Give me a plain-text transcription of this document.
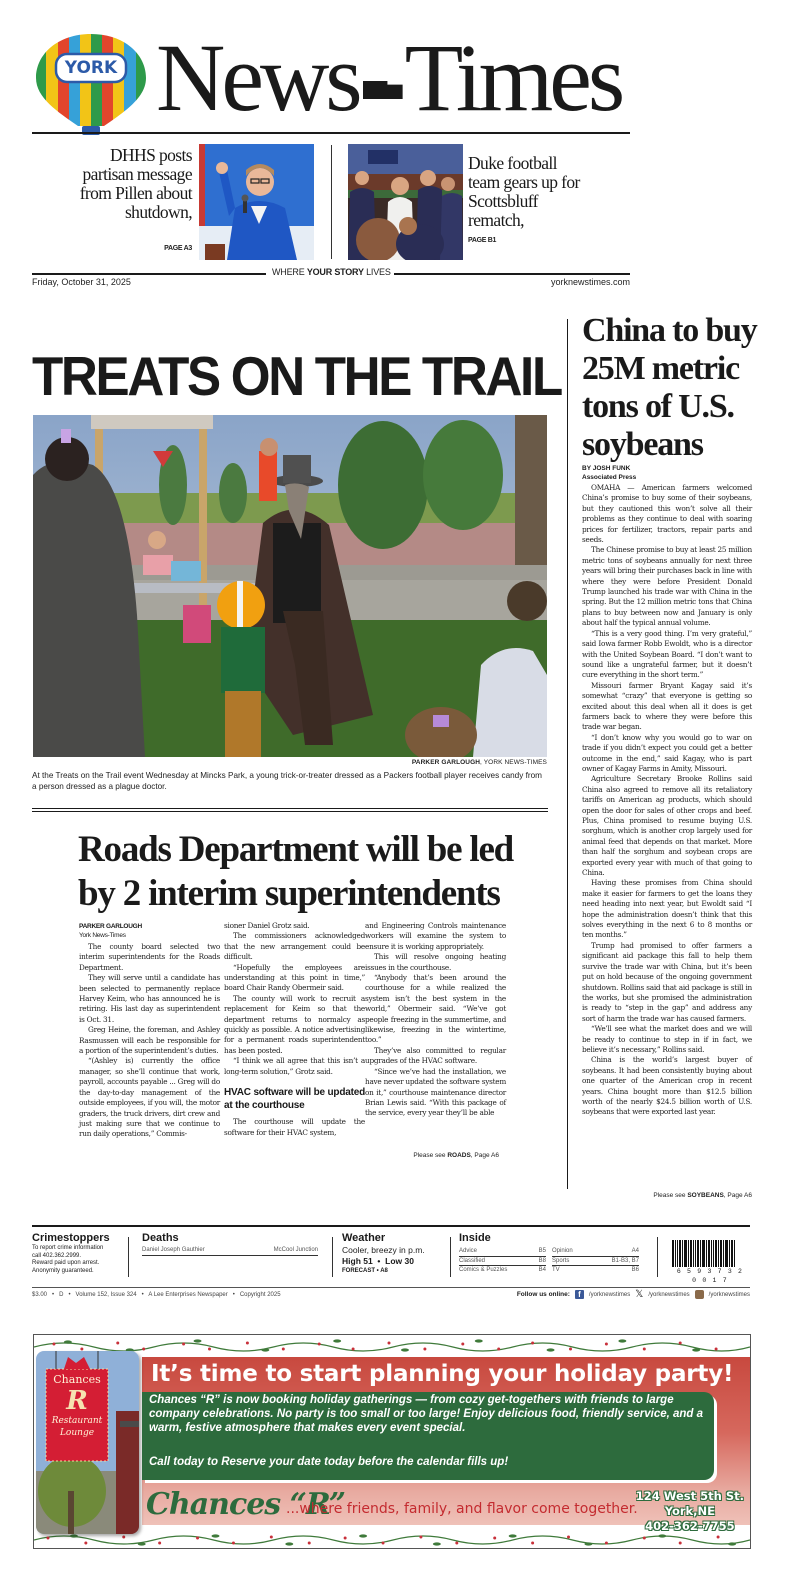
YORK News Times
DHHS posts partisan message from Pillen about shutdown,
PAGE A3
Duke football team gears up for Scottsbluff rematch,
PAGE B1
WHERE YOUR STORY LIVES
Friday, October 31, 2025	yorknewstimes.com
TREATS ON THE TRAIL
PARKER GARLOUGH, YORK NEWS-TIMES
At the Treats on the Trail event Wednesday at Mincks Park, a young trick-or-treater dressed as a Packers football player receives candy from a person dressed as a plague doctor.
Roads Department will be led by 2 interim superintendents
PARKER GARLOUGH
York News-Times

The county board selected two interim superintendents for the Roads Department.

They will serve until a candidate has been selected to permanently replace Harvey Keim, who has announced he is retiring. His last day as superintendent is Oct. 31.

Greg Heine, the foreman, and Ashley Rasmussen will each be responsible for a portion of the superintendent’s duties.

“(Ashley is) currently the office manager, so she’ll continue that work, payroll, accounts payable ... Greg will do the day-to-day management of the outside employees, if you will, the motor graders, the truck drivers, dirt crew and just making sure that we continue to run daily operations,” Commis-

sioner Daniel Grotz said.

The commissioners acknowledged that the new arrangement could be difficult.

“Hopefully the employees are understanding at this point in time,” board Chair Randy Obermeir said.

The county will work to recruit a replacement for Keim so that the department returns to normalcy as quickly as possible. A notice advertising for a permanent roads superintendent has been posted.

“I think we all agree that this isn’t a long-term solution,” Grotz said.

HVAC software will be updated at the courthouse

The courthouse will update the software for their HVAC system,

and Engineering Controls maintenance workers will examine the system to ensure it is working appropriately.

This will resolve ongoing heating issues in the courthouse.

“Anybody that’s been around the courthouse for a while realized the system isn’t the best system in the world,” Obermeir said. “We’ve got people freezing in the summertime, and likewise, freezing in the wintertime, too.”

They’ve also committed to regular upgrades of the HVAC software.

“Since we’ve had the installation, we have never updated the software system on it,” courthouse maintenance director Brian Lewis said. “With this package of the service, every year they’ll be able

Please see ROADS, Page A6
China to buy 25M metric tons of U.S. soybeans
BY JOSH FUNK
Associated Press

OMAHA — American farmers welcomed China’s promise to buy some of their soybeans, but they cautioned this won’t solve all their problems as they continue to deal with soaring prices for fertilizer, tractors, repair parts and seeds.

The Chinese promise to buy at least 25 million metric tons of soybeans annually for next three years will bring their purchases back in line with where they were before President Donald Trump launched his trade war with China in the spring. But the 12 million metric tons that China plans to buy between now and January is only about half the typical annual volume.

“This is a very good thing. I’m very grateful,” said Iowa farmer Robb Ewoldt, who is a director with the United Soybean Board. “I don’t want to sound like a ungrateful farmer, but it doesn’t cure everything in the short term.”

Missouri farmer Bryant Kagay said it’s somewhat “crazy” that everyone is getting so excited about this deal when all it does is get farmers back to where they were before this trade war began.

“I don’t know why you would go to war on trade if you didn’t expect you could get a better outcome in the end,” said Kagay, who is part owner of Kagay Farms in Amity, Missouri.

Agriculture Secretary Brooke Rollins said China also agreed to remove all its retaliatory tariffs on American ag products, which should open the door for sales of other crops and beef. Plus, China promised to resume buying U.S. sorghum, which is another crop largely used for animal feed that depends on that market. More than half the sorghum and soybean crops are exported every year with much of that going to China.

Having these promises from China should make it easier for farmers to get the loans they need heading into next year, but Ewoldt said “I hope the administration doesn’t think that this solves everything in the next 6 to 8 months or ten months.”

Trump had promised to offer farmers a significant aid package this fall to help them survive the trade war with China, but it’s been put on hold because of the ongoing government shutdown. Rollins said that aid package is still in the works, but she promised the administration is ready to “step in the gap” and address any sort of harm the trade war has caused farmers.

“We’ll see what the market does and we will be ready to continue to step in if in fact, we believe it’s necessary,” Rollins said.

China is the world’s largest buyer of soybeans. It had been consistently buying about one quarter of the American crop in recent years. China bought more than $12.5 billion worth of the nearly $24.5 billion worth of U.S. soybeans that were exported last year.

Please see SOYBEANS, Page A6
Crimestoppers
To report crime information
call 402.362.2999.
Reward paid upon arrest.
Anonymity guaranteed.
Deaths
Daniel Joseph Gauthier	McCool Junction
Weather
Cooler, breezy in p.m.
High 51  •  Low 30
FORECAST • A8
Inside
Advice	B5
Classified	B8
Comics & Puzzles	B4
Opinion	A4
Sports	B1-B3, B7
TV	B6	6 5 9 3 7 3 2 0 0 1 7
$3.00   •   D   •   Volume 152, Issue 324   •   A Lee Enterprises Newspaper   •   Copyright 2025	Follow us online:	f	/yorknewstimes 𝕏 /yorknewstimes	/yorknewstimes
Chances
R
Restaurant
Lounge
It’s time to start planning your holiday party!
Chances “R” is now booking holiday gatherings — from cozy get-togethers with friends to large company celebrations. No party is too small or too large! Enjoy delicious food, friendly service, and a warm, festive atmosphere that makes every event special.
Call today to Reserve your date today before the calendar fills up!
Chances “R”
...where friends, family, and flavor come together.
124 West 5th St.
York,NE
402-362-7755
